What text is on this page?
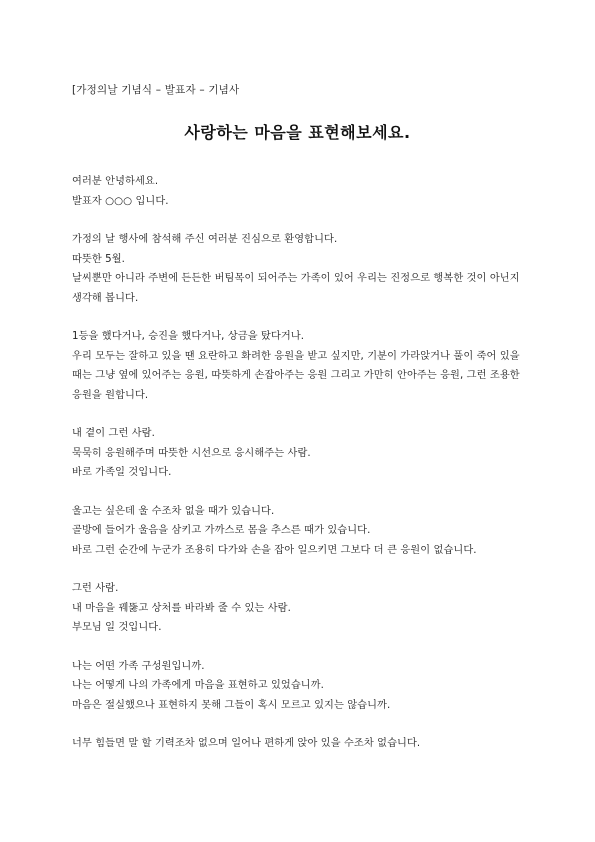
[가정의날 기념식 – 발표자 – 기념사
사랑하는 마음을 표현해보세요.
여러분 안녕하세요.
발표자 ○○○ 입니다.
가정의 날 행사에 참석해 주신 여러분 진심으로 환영합니다.
따뜻한 5월.
날씨뿐만 아니라 주변에 든든한 버팀목이 되어주는 가족이 있어 우리는 진정으로 행복한 것이 아닌지 생각해 봅니다.
1등을 했다거나, 승진을 했다거나, 상금을 탔다거나.
우리 모두는 잘하고 있을 땐 요란하고 화려한 응원을 받고 싶지만, 기분이 가라앉거나 풀이 죽어 있을 때는 그냥 옆에 있어주는 응원, 따뜻하게 손잡아주는 응원 그리고 가만히 안아주는 응원, 그런 조용한 응원을 원합니다.
내 곁이 그런 사람.
묵묵히 응원해주며 따뜻한 시선으로 응시해주는 사람.
바로 가족일 것입니다.
울고는 싶은데 울 수조차 없을 때가 있습니다.
골방에 들어가 울음을 삼키고 가까스로 몸을 추스른 때가 있습니다.
바로 그런 순간에 누군가 조용히 다가와 손을 잡아 일으키면 그보다 더 큰 응원이 없습니다.
그런 사람.
내 마음을 꿰뚫고 상처를 바라봐 줄 수 있는 사람.
부모님 일 것입니다.
나는 어떤 가족 구성원입니까.
나는 어떻게 나의 가족에게 마음을 표현하고 있었습니까.
마음은 절실했으나 표현하지 못해 그들이 혹시 모르고 있지는 않습니까.
너무 힘들면 말 할 기력조차 없으며 일어나 편하게 앉아 있을 수조차 없습니다.
